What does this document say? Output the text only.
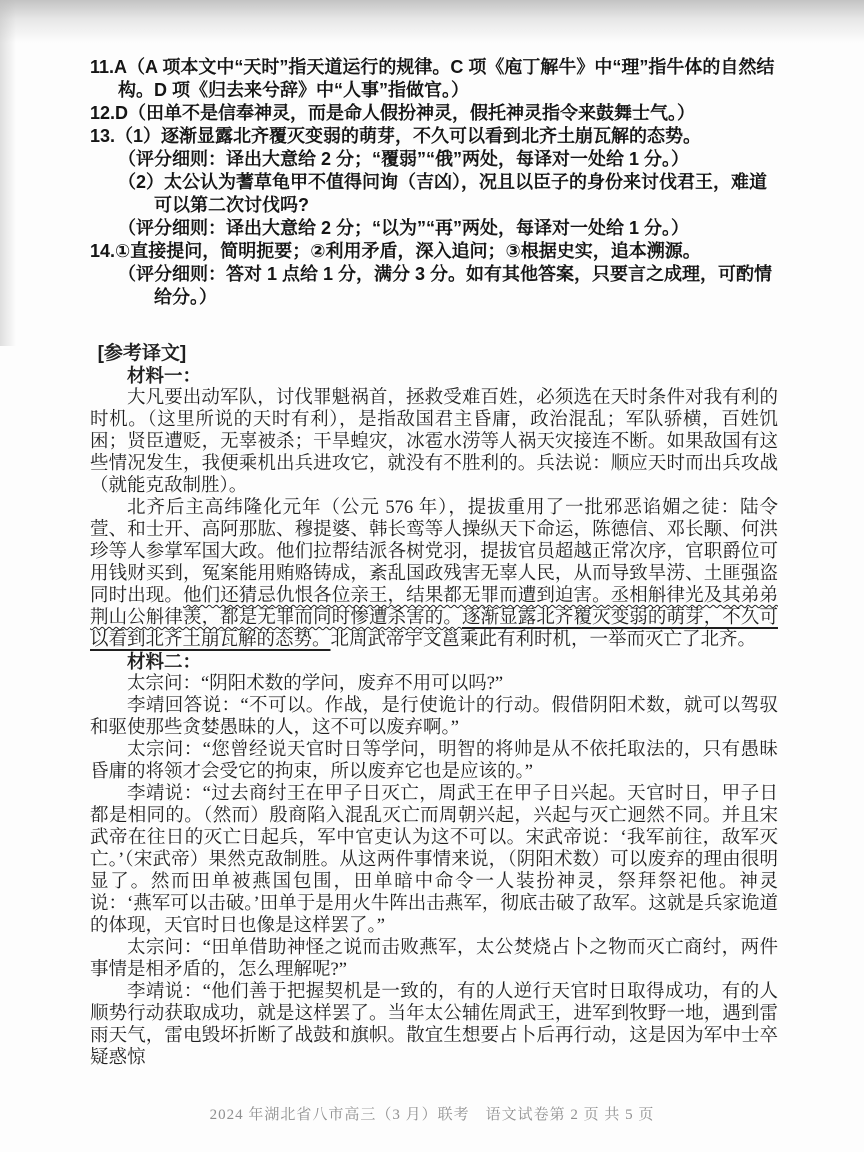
11.A（A 项本文中“天时”指天道运行的规律。C 项《庖丁解牛》中“理”指牛体的自然结
构。D 项《归去来兮辞》中“人事”指做官。）
12.D（田单不是信奉神灵，而是命人假扮神灵，假托神灵指令来鼓舞士气。）
13.（1）逐渐显露北齐覆灭变弱的萌芽，不久可以看到北齐土崩瓦解的态势。
（评分细则：译出大意给 2 分；“覆弱”“俄”两处，每译对一处给 1 分。）
（2）太公认为蓍草龟甲不值得问询（吉凶），况且以臣子的身份来讨伐君王，难道
可以第二次讨伐吗?
（评分细则：译出大意给 2 分；“以为”“再”两处，每译对一处给 1 分。）
14.①直接提问，简明扼要；②利用矛盾，深入追问；③根据史实，追本溯源。
（评分细则：答对 1 点给 1 分，满分 3 分。如有其他答案，只要言之成理，可酌情
给分。）
[参考译文]
材料一：

大凡要出动军队，讨伐罪魁祸首，拯救受难百姓，必须选在天时条件对我有利的时机。（这里所说的天时有利），是指敌国君主昏庸，政治混乱；军队骄横，百姓饥困；贤臣遭贬，无辜被杀；干旱蝗灾，冰雹水涝等人祸天灾接连不断。如果敌国有这些情况发生，我便乘机出兵进攻它，就没有不胜利的。兵法说：顺应天时而出兵攻战（就能克敌制胜）。

北齐后主高纬隆化元年（公元 576 年），提拔重用了一批邪恶谄媚之徒：陆令萱、和士开、高阿那肱、穆提婆、韩长鸾等人操纵天下命运，陈德信、邓长颙、何洪珍等人参掌军国大政。他们拉帮结派各树党羽，提拔官员超越正常次序，官职爵位可用钱财买到，冤案能用贿赂铸成，紊乱国政残害无辜人民，从而导致旱涝、土匪强盗同时出现。他们还猜忌仇恨各位亲王，结果都无罪而遭到迫害。丞相斛律光及其弟弟荆山公斛律羡，都是无罪而同时惨遭杀害的。逐渐显露北齐覆灭变弱的萌芽，不久可以看到北齐土崩瓦解的态势。北周武帝宇文邕乘此有利时机，一举而灭亡了北齐。

材料二：

太宗问：“阴阳术数的学问，废弃不用可以吗?”

李靖回答说：“不可以。作战，是行使诡计的行动。假借阴阳术数，就可以驾驭和驱使那些贪婪愚昧的人，这不可以废弃啊。”

太宗问：“您曾经说天官时日等学问，明智的将帅是从不依托取法的，只有愚昧昏庸的将领才会受它的拘束，所以废弃它也是应该的。”

李靖说：“过去商纣王在甲子日灭亡，周武王在甲子日兴起。天官时日，甲子日都是相同的。（然而）殷商陷入混乱灭亡而周朝兴起，兴起与灭亡迥然不同。并且宋武帝在往日的灭亡日起兵，军中官吏认为这不可以。宋武帝说：‘我军前往，敌军灭亡。’（宋武帝）果然克敌制胜。从这两件事情来说，（阴阳术数）可以废弃的理由很明显了。然而田单被燕国包围，田单暗中命令一人装扮神灵，祭拜祭祀他。神灵说：‘燕军可以击破。’田单于是用火牛阵出击燕军，彻底击破了敌军。这就是兵家诡道的体现，天官时日也像是这样罢了。”

太宗问：“田单借助神怪之说而击败燕军，太公焚烧占卜之物而灭亡商纣，两件事情是相矛盾的，怎么理解呢?”

李靖说：“他们善于把握契机是一致的，有的人逆行天官时日取得成功，有的人顺势行动获取成功，就是这样罢了。当年太公辅佐周武王，进军到牧野一地，遇到雷雨天气，雷电毁坏折断了战鼓和旗帜。散宜生想要占卜后再行动，这是因为军中士卒疑惑惊

2024 年湖北省八市高三（3 月）联考　语文试卷第 2 页 共 5 页
